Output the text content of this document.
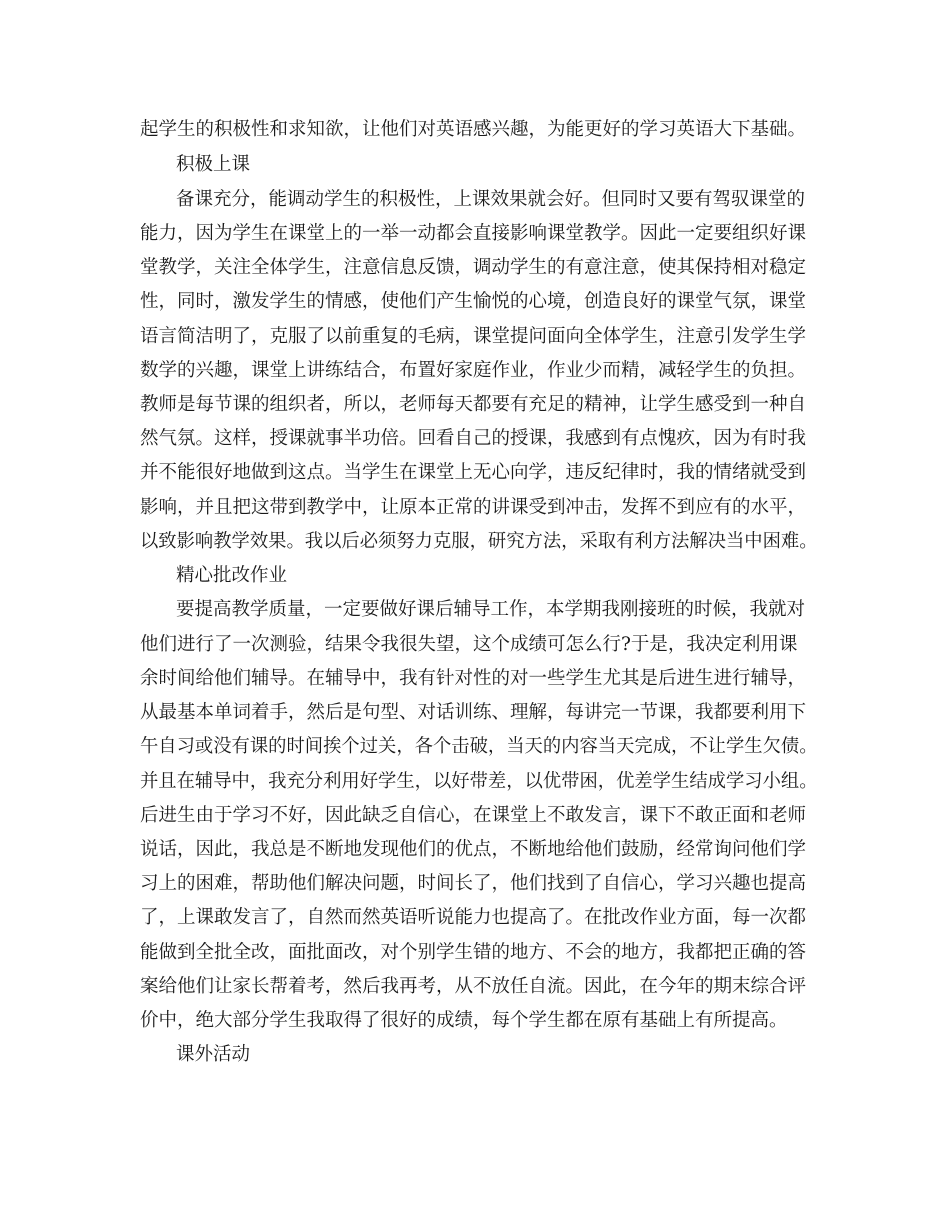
起学生的积极性和求知欲，让他们对英语感兴趣，为能更好的学习英语大下基础。
积极上课
备课充分，能调动学生的积极性，上课效果就会好。但同时又要有驾驭课堂的
能力，因为学生在课堂上的一举一动都会直接影响课堂教学。因此一定要组织好课
堂教学，关注全体学生，注意信息反馈，调动学生的有意注意，使其保持相对稳定
性，同时，激发学生的情感，使他们产生愉悦的心境，创造良好的课堂气氛，课堂
语言简洁明了，克服了以前重复的毛病，课堂提问面向全体学生，注意引发学生学
数学的兴趣，课堂上讲练结合，布置好家庭作业，作业少而精，减轻学生的负担。
教师是每节课的组织者，所以，老师每天都要有充足的精神，让学生感受到一种自
然气氛。这样，授课就事半功倍。回看自己的授课，我感到有点愧疚，因为有时我
并不能很好地做到这点。当学生在课堂上无心向学，违反纪律时，我的情绪就受到
影响，并且把这带到教学中，让原本正常的讲课受到冲击，发挥不到应有的水平，
以致影响教学效果。我以后必须努力克服，研究方法，采取有利方法解决当中困难。
精心批改作业
要提高教学质量，一定要做好课后辅导工作，本学期我刚接班的时候，我就对
他们进行了一次测验，结果令我很失望，这个成绩可怎么行?于是，我决定利用课
余时间给他们辅导。在辅导中，我有针对性的对一些学生尤其是后进生进行辅导，
从最基本单词着手，然后是句型、对话训练、理解，每讲完一节课，我都要利用下
午自习或没有课的时间挨个过关，各个击破，当天的内容当天完成，不让学生欠债。
并且在辅导中，我充分利用好学生，以好带差，以优带困，优差学生结成学习小组。
后进生由于学习不好，因此缺乏自信心，在课堂上不敢发言，课下不敢正面和老师
说话，因此，我总是不断地发现他们的优点，不断地给他们鼓励，经常询问他们学
习上的困难，帮助他们解决问题，时间长了，他们找到了自信心，学习兴趣也提高
了，上课敢发言了，自然而然英语听说能力也提高了。在批改作业方面，每一次都
能做到全批全改，面批面改，对个别学生错的地方、不会的地方，我都把正确的答
案给他们让家长帮着考，然后我再考，从不放任自流。因此，在今年的期末综合评
价中，绝大部分学生我取得了很好的成绩，每个学生都在原有基础上有所提高。
课外活动
